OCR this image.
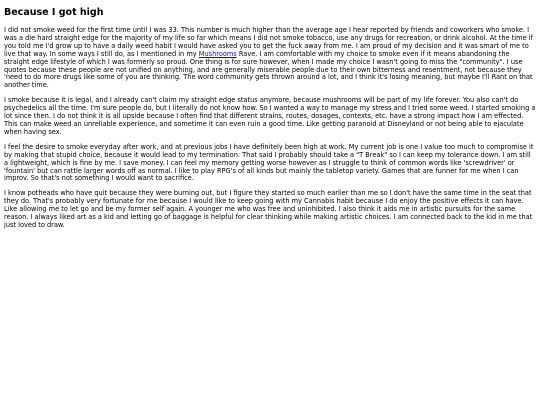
Because I got high

I did not smoke weed for the first time until I was 33. This number is much higher than the average age I hear reported by friends and coworkers who smoke. I was a die hard straight edge for the majority of my life so far which means I did not smoke tobacco, use any drugs for recreation, or drink alcohol. At the time if you told me I'd grow up to have a daily weed habit I would have asked you to get the fuck away from me. I am proud of my decision and it was smart of me to live that way. In some ways I still do, as I mentioned in my Mushrooms Rave. I am comfortable with my choice to smoke even if it means abandoning the straight edge lifestyle of which I was formerly so proud. One thing is for sure however, when I made my choice I wasn't going to miss the "community". I use quotes because these people are not unified on anything, and are generally miserable people due to their own bitterness and resentment, not because they 'need to do more drugs like some of you are thinking. The word community gets thrown around a lot, and I think it's losing meaning, but maybe I'll Rant on that another time.

I smoke because it is legal, and I already can't claim my straight edge status anymore, because mushrooms will be part of my life forever. You also can't do psychedelics all the time. I'm sure people do, but I literally do not know how. So I wanted a way to manage my stress and I tried some weed. I started smoking a lot since then. I do not think it is all upside because I often find that different strains, routes, dosages, contexts, etc. have a strong impact how I am effected. This can make weed an unreliable experience, and sometime it can even ruin a good time. Like getting paranoid at Disneyland or not being able to ejaculate when having sex.

I feel the desire to smoke everyday after work, and at previous jobs I have definitely been high at work. My current job is one I value too much to compromise it by making that stupid choice, because it would lead to my termination. That said I probably should take a "T Break" so I can keep my tolerance down. I am still a lightweight, which is fine by me. I save money. I can feel my memory getting worse however as I struggle to think of common words like 'screwdriver' or 'fountain' but can rattle larger words off as normal. I like to play RPG's of all kinds but mainly the tabletop variety. Games that are funner for me when I can improv. So that's not something I would want to sacrifice.

I know potheads who have quit because they were burning out, but I figure they started so much earlier than me so I don't have the same time in the seat that they do. That's probably very fortunate for me because I would like to keep going with my Cannabis habit because I do enjoy the positive effects it can have. Like allowing me to let go and be my former self again. A younger me who was free and uninhibited. I also think it aids me in artistic pursuits for the same reason. I always liked art as a kid and letting go of baggage is helpful for clear thinking while making artistic choices. I am connected back to the kid in me that just loved to draw.
